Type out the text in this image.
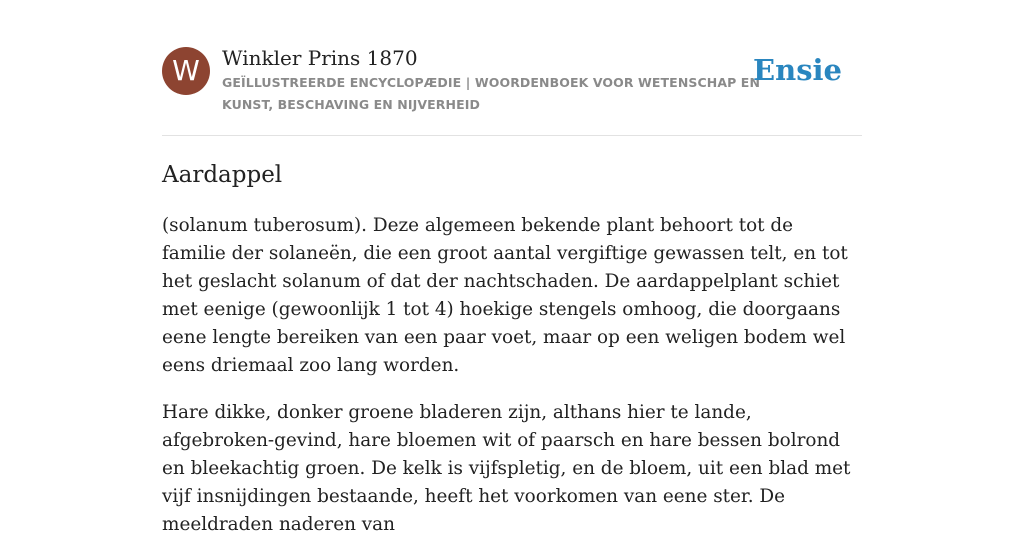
W	Winkler Prins 1870
GEÏLLUSTREERDE ENCYCLOPÆDIE | WOORDENBOEK VOOR WETENSCHAP EN KUNST, BESCHAVING EN NIJVERHEID
Ensie
Aardappel

(solanum tuberosum). Deze algemeen bekende plant behoort tot de familie der solaneën, die een groot aantal vergiftige gewassen telt, en tot het geslacht solanum of dat der nachtschaden. De aardappelplant schiet met eenige (gewoonlijk 1 tot 4) hoekige stengels omhoog, die doorgaans eene lengte bereiken van een paar voet, maar op een weligen bodem wel eens driemaal zoo lang worden.

Hare dikke, donker groene bladeren zijn, althans hier te lande, afgebroken-gevind, hare bloemen wit of paarsch en hare bessen bolrond en bleekachtig groen. De kelk is vijfspletig, en de bloem, uit een blad met vijf insnijdingen bestaande, heeft het voorkomen van eene ster. De meeldraden naderen van
